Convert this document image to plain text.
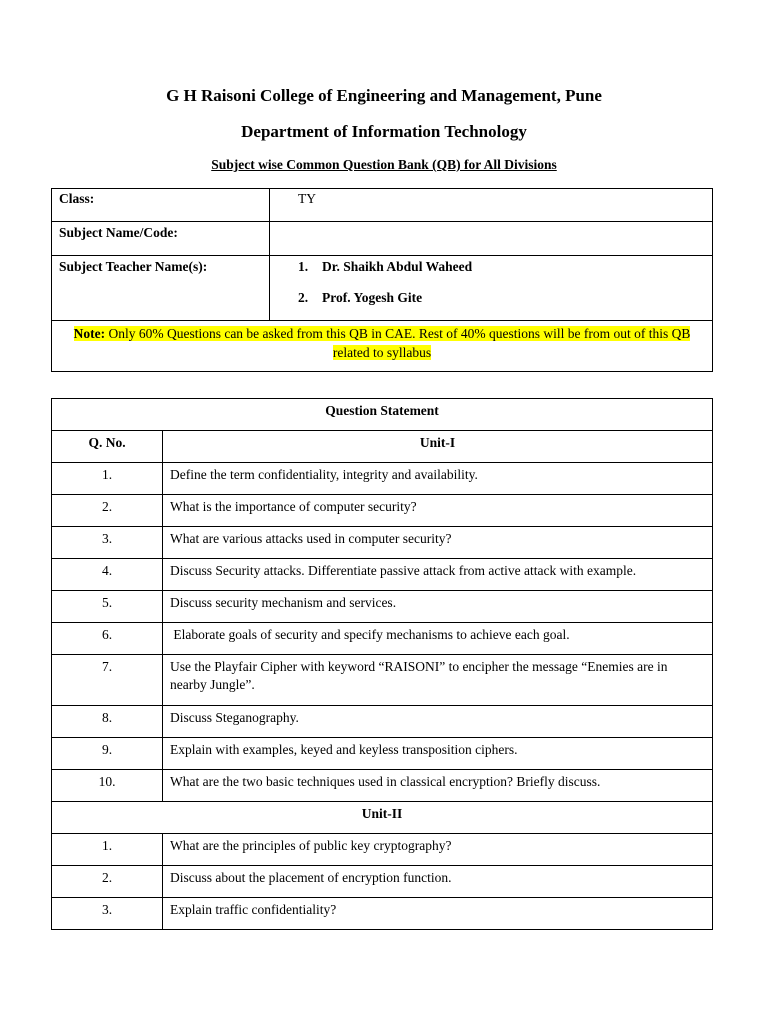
G H Raisoni College of Engineering and Management, Pune
Department of Information Technology
Subject wise Common Question Bank (QB) for All Divisions
Class:	TY
Subject Name/Code:	
Subject Teacher Name(s):	1. Dr. Shaikh Abdul Waheed
2. Prof. Yogesh Gite

Note: Only 60% Questions can be asked from this QB in CAE. Rest of 40% questions will be from out of this QB related to syllabus	
Question Statement	
Q. No.	Unit-I
1.	Define the term confidentiality, integrity and availability.
2.	What is the importance of computer security?
3.	What are various attacks used in computer security?
4.	Discuss Security attacks. Differentiate passive attack from active attack with example.
5.	Discuss security mechanism and services.
6.	Elaborate goals of security and specify mechanisms to achieve each goal.
7.	Use the Playfair Cipher with keyword “RAISONI” to encipher the message “Enemies are in nearby Jungle”.
8.	Discuss Steganography.
9.	Explain with examples, keyed and keyless transposition ciphers.
10.	What are the two basic techniques used in classical encryption? Briefly discuss.
Unit-II	
1.	What are the principles of public key cryptography?
2.	Discuss about the placement of encryption function.
3.	Explain traffic confidentiality?
